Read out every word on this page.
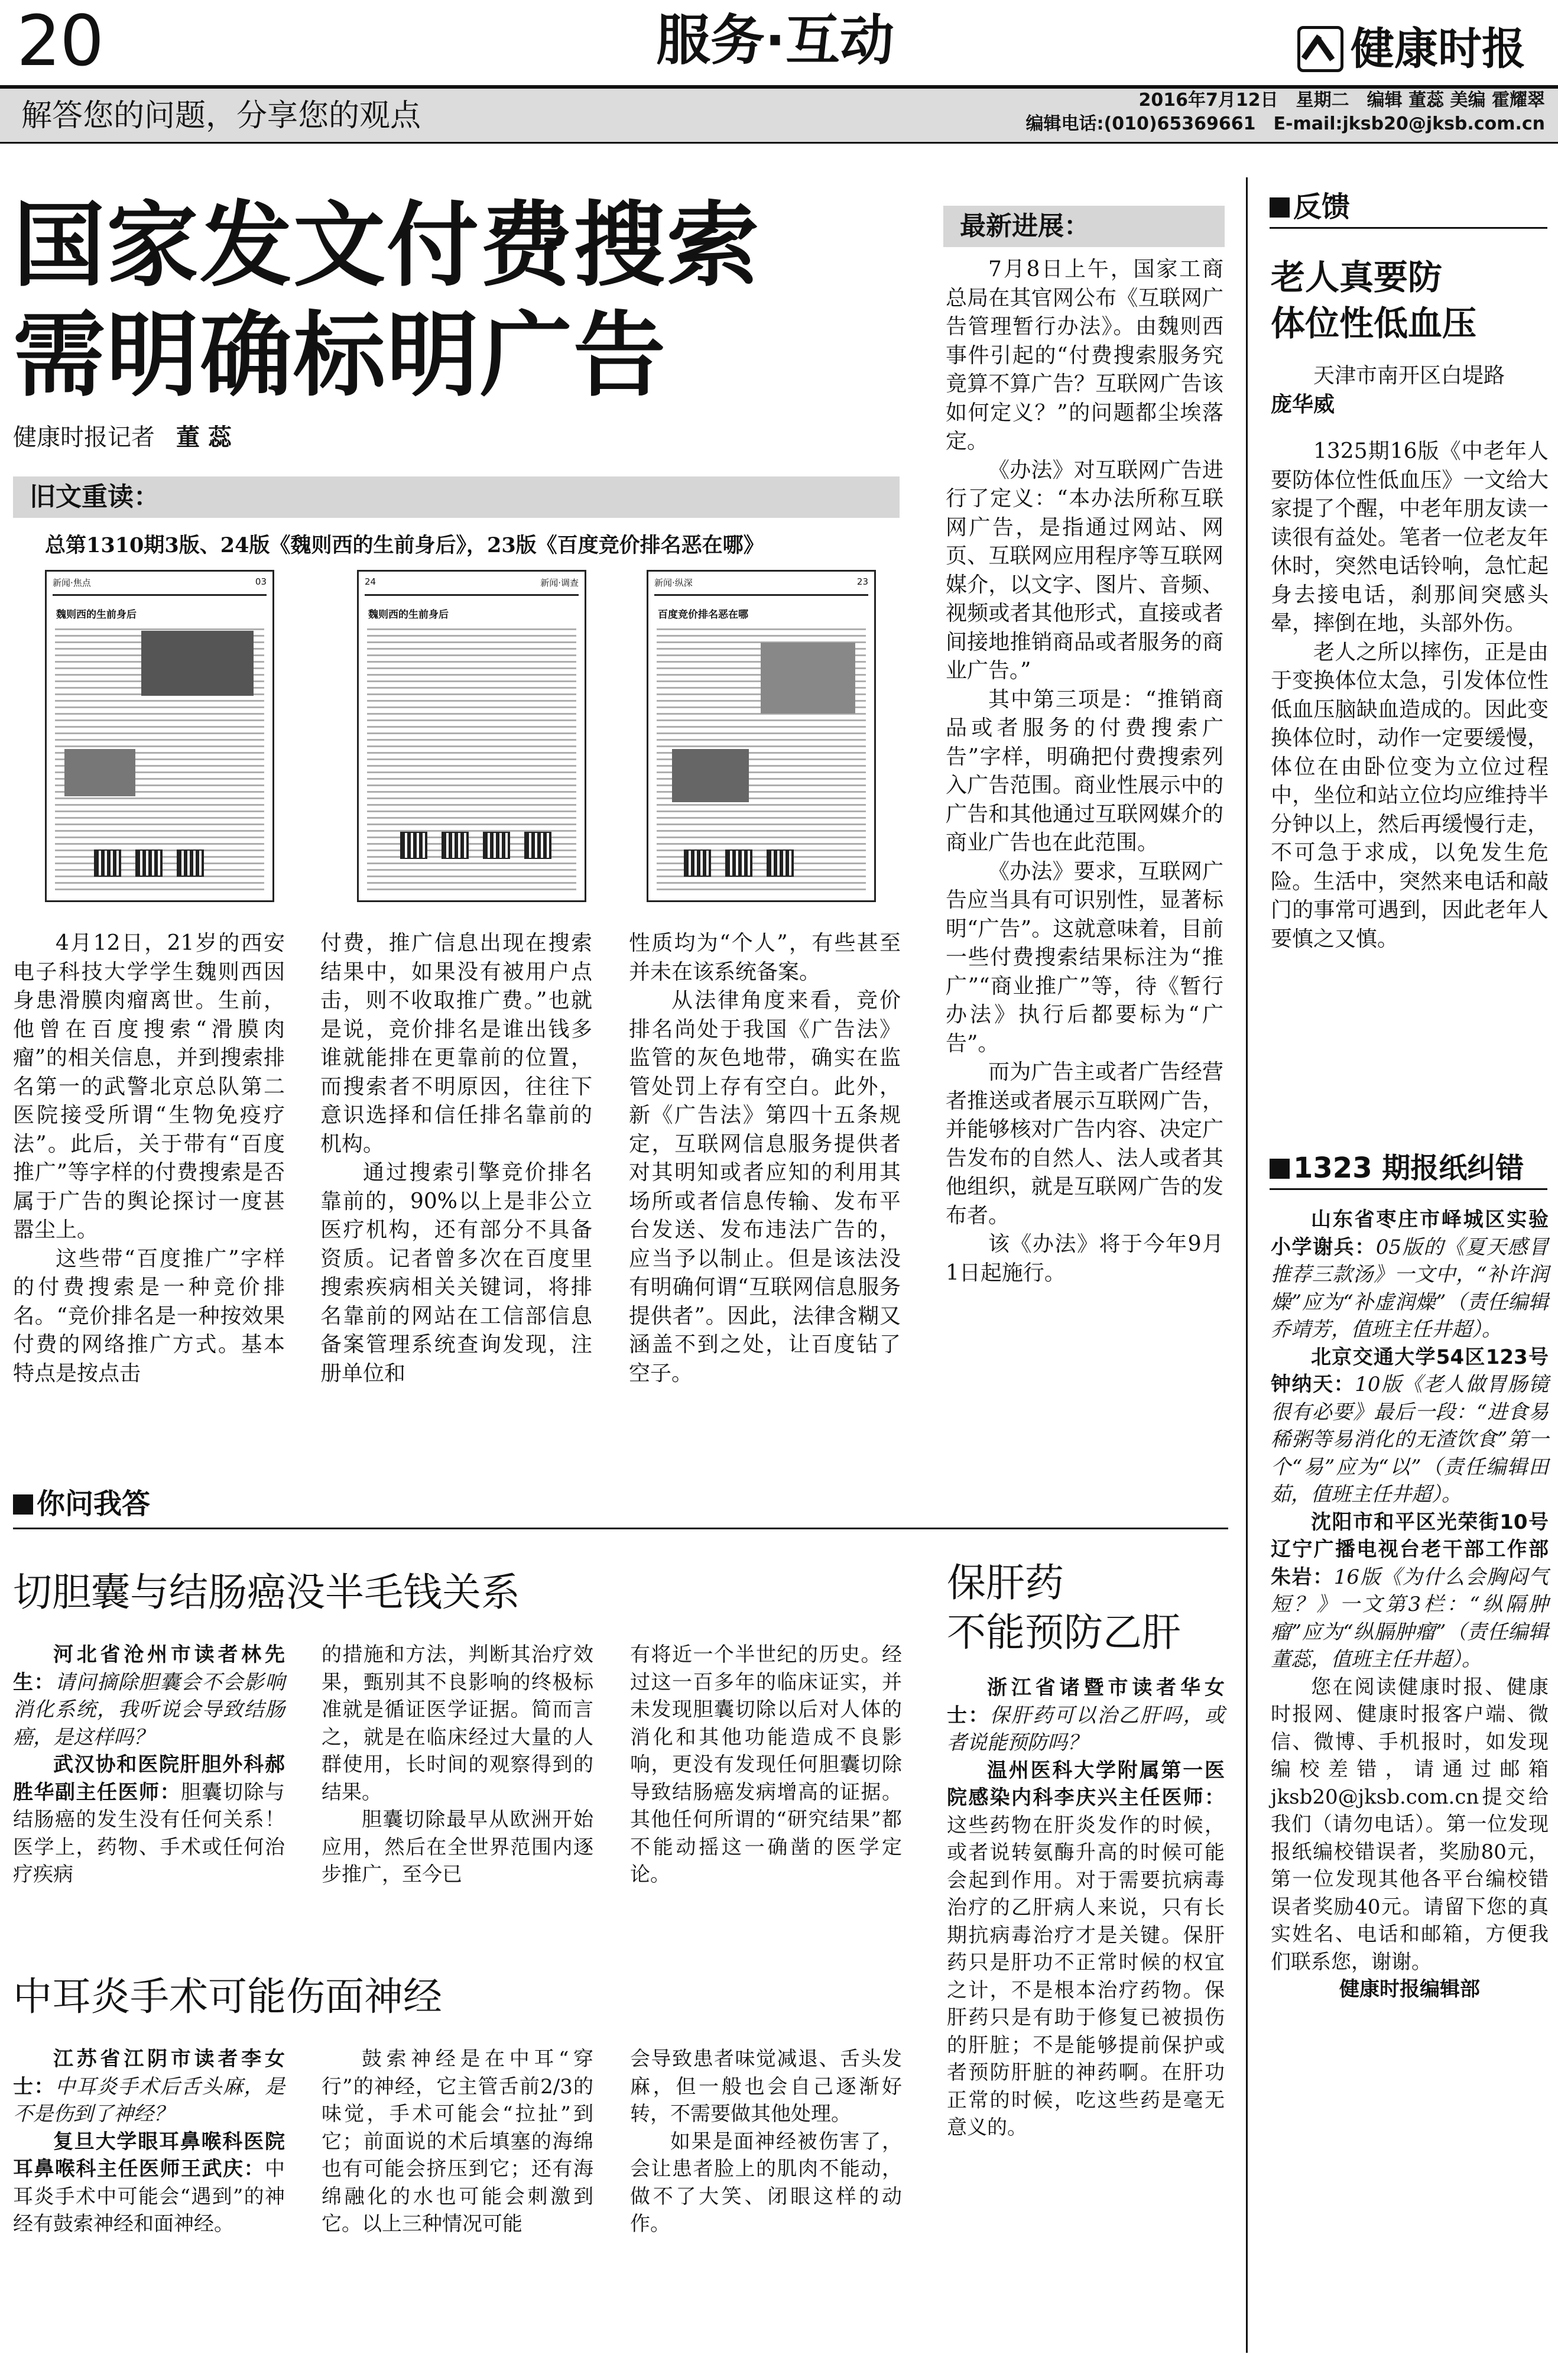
20	服务·互动	健康时报
解答您的问题，分享您的观点	2016年7月12日　星期二　编辑 董蕊 美编 霍耀翠
编辑电话:(010)65369661　E-mail:jksb20@jksb.com.cn
国家发文付费搜索
需明确标明广告
健康时报记者 董 蕊
旧文重读：
总第1310期3版、24版《魏则西的生前身后》，23版《百度竞价排名恶在哪》
新闻·焦点	03
魏则西的生前身后
24	新闻·调查
魏则西的生前身后
新闻·纵深	23
百度竞价排名恶在哪

4月12日，21岁的西安电子科技大学学生魏则西因身患滑膜肉瘤离世。生前，他曾在百度搜索“滑膜肉瘤”的相关信息，并到搜索排名第一的武警北京总队第二医院接受所谓“生物免疫疗法”。此后，关于带有“百度推广”等字样的付费搜索是否属于广告的舆论探讨一度甚嚣尘上。

这些带“百度推广”字样的付费搜索是一种竞价排名。“竞价排名是一种按效果付费的网络推广方式。基本特点是按点击

付费，推广信息出现在搜索结果中，如果没有被用户点击，则不收取推广费。”也就是说，竞价排名是谁出钱多谁就能排在更靠前的位置，而搜索者不明原因，往往下意识选择和信任排名靠前的机构。

通过搜索引擎竞价排名靠前的，90%以上是非公立医疗机构，还有部分不具备资质。记者曾多次在百度里搜索疾病相关关键词，将排名靠前的网站在工信部信息备案管理系统查询发现，注册单位和

性质均为“个人”，有些甚至并未在该系统备案。

从法律角度来看，竞价排名尚处于我国《广告法》监管的灰色地带，确实在监管处罚上存有空白。此外，新《广告法》第四十五条规定，互联网信息服务提供者对其明知或者应知的利用其场所或者信息传输、发布平台发送、发布违法广告的，应当予以制止。但是该法没有明确何谓“互联网信息服务提供者”。因此，法律含糊又涵盖不到之处，让百度钻了空子。

最新进展：

7月8日上午，国家工商总局在其官网公布《互联网广告管理暂行办法》。由魏则西事件引起的“付费搜索服务究竟算不算广告？互联网广告该如何定义？”的问题都尘埃落定。

《办法》对互联网广告进行了定义：“本办法所称互联网广告，是指通过网站、网页、互联网应用程序等互联网媒介，以文字、图片、音频、视频或者其他形式，直接或者间接地推销商品或者服务的商业广告。”

其中第三项是：“推销商品或者服务的付费搜索广告”字样，明确把付费搜索列入广告范围。商业性展示中的广告和其他通过互联网媒介的商业广告也在此范围。

《办法》要求，互联网广告应当具有可识别性，显著标明“广告”。这就意味着，目前一些付费搜索结果标注为“推广”“商业推广”等，待《暂行办法》执行后都要标为“广告”。

而为广告主或者广告经营者推送或者展示互联网广告，并能够核对广告内容、决定广告发布的自然人、法人或者其他组织，就是互联网广告的发布者。

该《办法》将于今年9月1日起施行。

反馈
老人真要防
体位性低血压

天津市南开区白堤路

庞华威

1325期16版《中老年人要防体位性低血压》一文给大家提了个醒，中老年朋友读一读很有益处。笔者一位老友年休时，突然电话铃响，急忙起身去接电话，刹那间突感头晕，摔倒在地，头部外伤。

老人之所以摔伤，正是由于变换体位太急，引发体位性低血压脑缺血造成的。因此变换体位时，动作一定要缓慢，体位在由卧位变为立位过程中，坐位和站立位均应维持半分钟以上，然后再缓慢行走，不可急于求成，以免发生危险。生活中，突然来电话和敲门的事常可遇到，因此老年人要慎之又慎。

1323 期报纸纠错

山东省枣庄市峄城区实验小学谢兵：05版的《夏天感冒推荐三款汤》一文中，“补许润燥”应为“补虚润燥”（责任编辑乔靖芳，值班主任井超）。

北京交通大学54区123号钟纳天：10版《老人做胃肠镜很有必要》最后一段：“进食易稀粥等易消化的无渣饮食”第一个“易”应为“以”（责任编辑田茹，值班主任井超）。

沈阳市和平区光荣街10号辽宁广播电视台老干部工作部朱岩：16版《为什么会胸闷气短？》一文第3栏：“纵隔肿瘤”应为“纵膈肿瘤”（责任编辑董蕊，值班主任井超）。

您在阅读健康时报、健康时报网、健康时报客户端、微信、微博、手机报时，如发现编校差错，请通过邮箱jksb20@jksb.com.cn提交给我们（请勿电话）。第一位发现报纸编校错误者，奖励80元，第一位发现其他各平台编校错误者奖励40元。请留下您的真实姓名、电话和邮箱，方便我们联系您，谢谢。

健康时报编辑部

你问我答
切胆囊与结肠癌没半毛钱关系

河北省沧州市读者林先生：请问摘除胆囊会不会影响消化系统，我听说会导致结肠癌，是这样吗？

武汉协和医院肝胆外科郝胜华副主任医师：胆囊切除与结肠癌的发生没有任何关系！医学上，药物、手术或任何治疗疾病

的措施和方法，判断其治疗效果，甄别其不良影响的终极标准就是循证医学证据。简而言之，就是在临床经过大量的人群使用，长时间的观察得到的结果。

胆囊切除最早从欧洲开始应用，然后在全世界范围内逐步推广，至今已

有将近一个半世纪的历史。经过这一百多年的临床证实，并未发现胆囊切除以后对人体的消化和其他功能造成不良影响，更没有发现任何胆囊切除导致结肠癌发病增高的证据。其他任何所谓的“研究结果”都不能动摇这一确凿的医学定论。

中耳炎手术可能伤面神经

江苏省江阴市读者李女士：中耳炎手术后舌头麻，是不是伤到了神经？

复旦大学眼耳鼻喉科医院耳鼻喉科主任医师王武庆：中耳炎手术中可能会“遇到”的神经有鼓索神经和面神经。

鼓索神经是在中耳“穿行”的神经，它主管舌前2/3的味觉，手术可能会“拉扯”到它；前面说的术后填塞的海绵也有可能会挤压到它；还有海绵融化的水也可能会刺激到它。以上三种情况可能

会导致患者味觉减退、舌头发麻，但一般也会自己逐渐好转，不需要做其他处理。

如果是面神经被伤害了，会让患者脸上的肌肉不能动，做不了大笑、闭眼这样的动作。

保肝药
不能预防乙肝

浙江省诸暨市读者华女士：保肝药可以治乙肝吗，或者说能预防吗？

温州医科大学附属第一医院感染内科李庆兴主任医师：这些药物在肝炎发作的时候，或者说转氨酶升高的时候可能会起到作用。对于需要抗病毒治疗的乙肝病人来说，只有长期抗病毒治疗才是关键。保肝药只是肝功不正常时候的权宜之计，不是根本治疗药物。保肝药只是有助于修复已被损伤的肝脏；不是能够提前保护或者预防肝脏的神药啊。在肝功正常的时候，吃这些药是毫无意义的。
